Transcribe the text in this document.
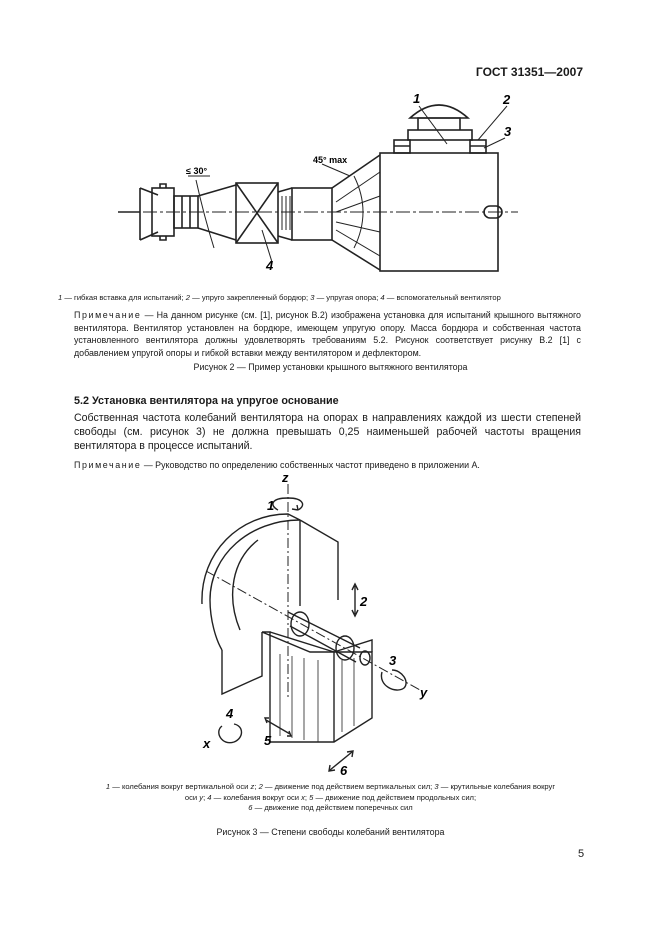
ГОСТ 31351—2007
1	2
3
4
≤ 30°
45° max
1 — гибкая вставка для испытаний; 2 — упруго закрепленный бордюр; 3 — упругая опора; 4 — вспомогательный вентилятор
Примечание — На данном рисунке (см. [1], рисунок В.2) изображена установка для испытаний крышного вытяжного вентилятора. Вентилятор установлен на бордюре, имеющем упругую опору. Масса бордюра и собственная частота установленного вентилятора должны удовлетворять требованиям 5.2. Рисунок соответствует рисунку В.2 [1] с добавлением упругой опоры и гибкой вставки между вентилятором и дефлектором.
Рисунок 2 — Пример установки крышного вытяжного вентилятора
5.2 Установка вентилятора на упругое основание
Собственная частота колебаний вентилятора на опорах в направлениях каждой из шести степеней свободы (см. рисунок 3) не должна превышать 0,25 наименьшей рабочей частоты вращения вентилятора в процессе испытаний.
Примечание — Руководство по определению собственных частот приведено в приложении А.
z
x
y
1
2
3
4
5
6
1 — колебания вокруг вертикальной оси z; 2 — движение под действием вертикальных сил; 3 — крутильные колебания вокруг
оси y; 4 — колебания вокруг оси x; 5 — движение под действием продольных сил;
6 — движение под действием поперечных сил
Рисунок 3 — Степени свободы колебаний вентилятора
5
